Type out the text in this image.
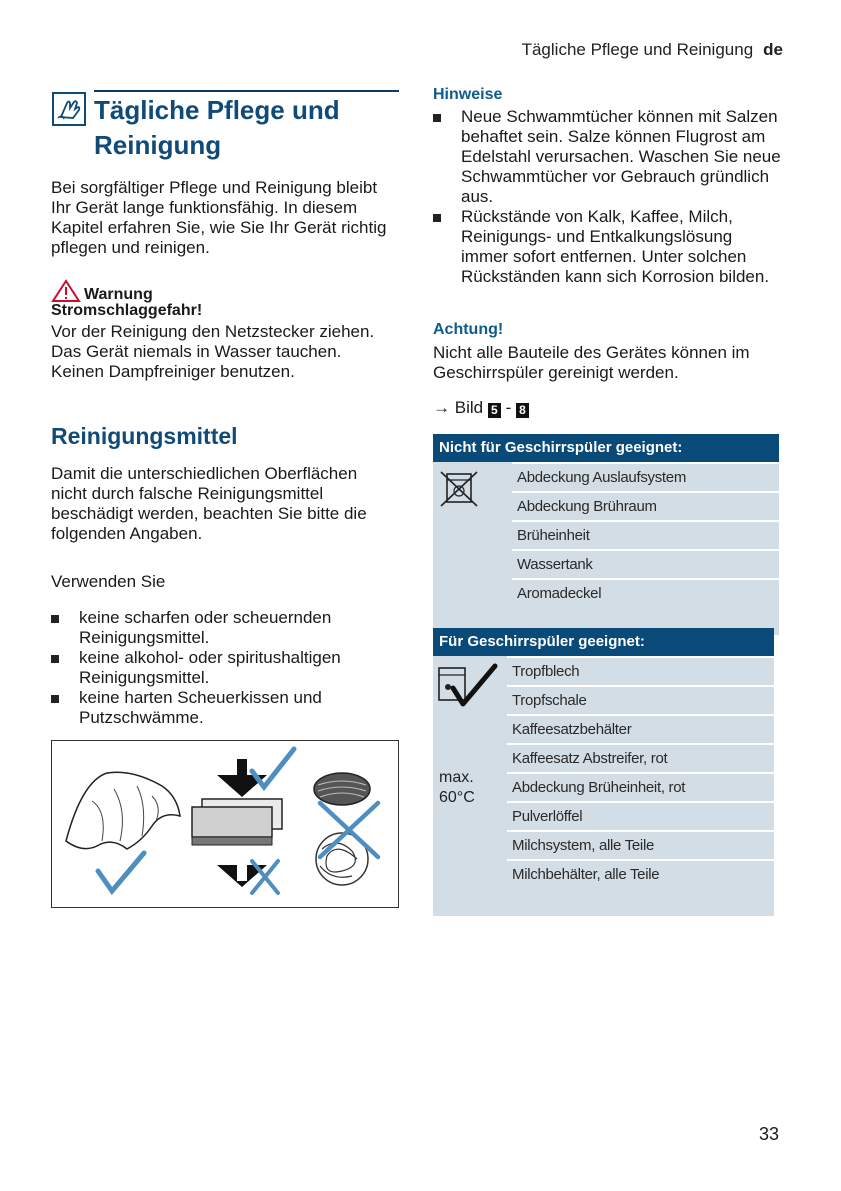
Tägliche Pflege und Reinigung de
Tägliche Pflege und
Reinigung
Bei sorgfältiger Pflege und Reinigung bleibt Ihr Gerät lange funktionsfähig. In diesem Kapitel erfahren Sie, wie Sie Ihr Gerät richtig pflegen und reinigen.
Warnung
Stromschlaggefahr!
Vor der Reinigung den Netzstecker ziehen. Das Gerät niemals in Wasser tauchen. Keinen Dampfreiniger benutzen.
Reinigungsmittel
Damit die unterschiedlichen Oberflächen nicht durch falsche Reinigungsmittel beschädigt werden, beachten Sie bitte die folgenden Angaben.
Verwenden Sie
keine scharfen oder scheuernden Reinigungsmittel.
keine alkohol- oder spiritushaltigen Reinigungsmittel.
keine harten Scheuerkissen und Putzschwämme.
Hinweise
Neue Schwammtücher können mit Salzen behaftet sein. Salze können Flugrost am Edelstahl verursachen. Waschen Sie neue Schwammtücher vor Gebrauch gründlich aus.
Rückstände von Kalk, Kaffee, Milch, Reinigungs- und Entkalkungslösung immer sofort entfernen. Unter solchen Rückständen kann sich Korrosion bilden.
Achtung!
Nicht alle Bauteile des Gerätes können im Geschirrspüler gereinigt werden.
→ Bild 5 - 8
Nicht für Geschirrspüler geeignet:
Abdeckung Auslaufsystem
Abdeckung Brühraum
Brüheinheit
Wassertank
Aromadeckel
Für Geschirrspüler geeignet:
max.
60°C
Tropfblech
Tropfschale
Kaffeesatzbehälter
Kaffeesatz Abstreifer, rot
Abdeckung Brüheinheit, rot
Pulverlöffel
Milchsystem, alle Teile
Milchbehälter, alle Teile
33
